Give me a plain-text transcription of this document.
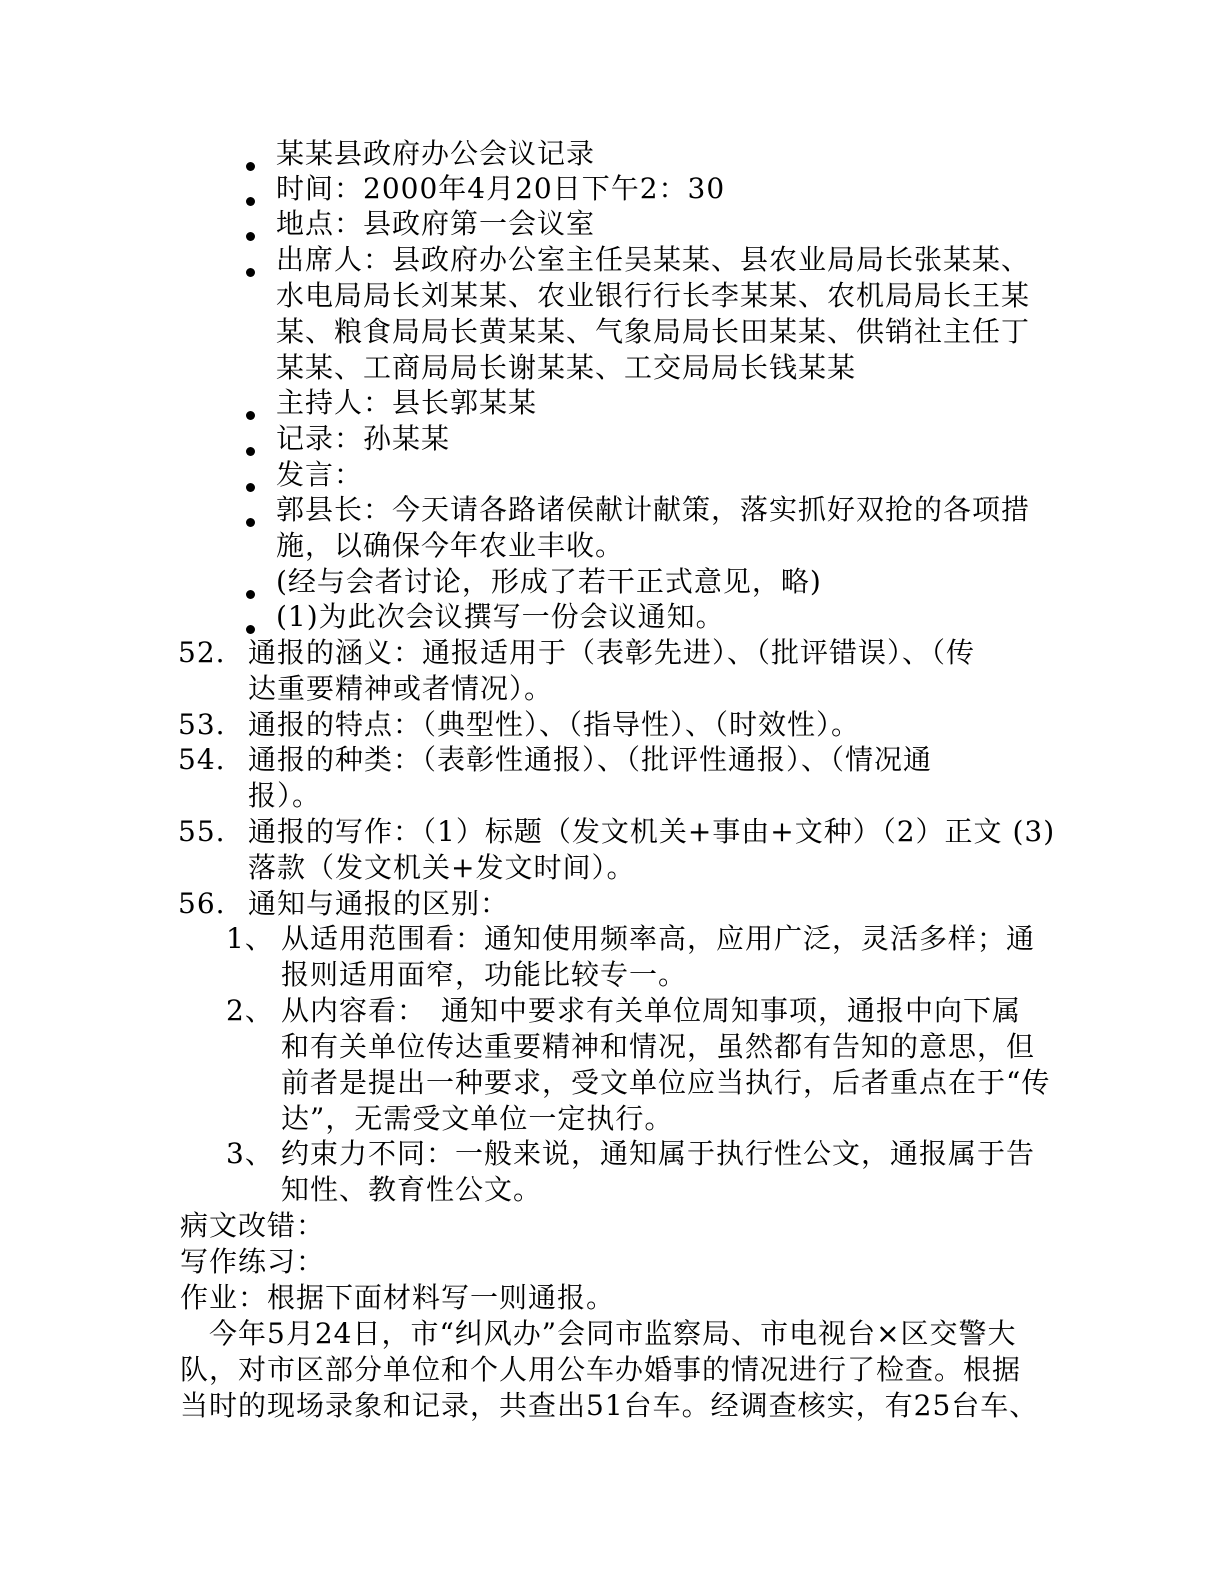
某某县政府办公会议记录
时间：2000年4月20日下午2：30
地点：县政府第一会议室
出席人：县政府办公室主任吴某某、县农业局局长张某某、
水电局局长刘某某、农业银行行长李某某、农机局局长王某
某、粮食局局长黄某某、气象局局长田某某、供销社主任丁
某某、工商局局长谢某某、工交局局长钱某某
主持人：县长郭某某
记录：孙某某
发言：
郭县长：今天请各路诸侯献计献策，落实抓好双抢的各项措
施，以确保今年农业丰收。
(经与会者讨论，形成了若干正式意见，略)
(1)为此次会议撰写一份会议通知。
52. 通报的涵义：通报适用于（表彰先进）、（批评错误）、（传
达重要精神或者情况）。
53. 通报的特点：（典型性）、（指导性）、（时效性）。
54. 通报的种类：（表彰性通报）、（批评性通报）、（情况通
报）。
55. 通报的写作：（1）标题（发文机关+事由+文种）（2）正文 (3)
落款（发文机关+发文时间）。
56. 通知与通报的区别：
1、 从适用范围看：通知使用频率高，应用广泛，灵活多样；通
报则适用面窄，功能比较专一。
2、 从内容看：　通知中要求有关单位周知事项，通报中向下属
和有关单位传达重要精神和情况，虽然都有告知的意思，但
前者是提出一种要求，受文单位应当执行，后者重点在于“传
达”，无需受文单位一定执行。
3、 约束力不同：一般来说，通知属于执行性公文，通报属于告
知性、教育性公文。
病文改错：
写作练习：
作业：根据下面材料写一则通报。
　今年5月24日，市“纠风办”会同市监察局、市电视台×区交警大
队，对市区部分单位和个人用公车办婚事的情况进行了检查。根据
当时的现场录象和记录，共查出51台车。经调查核实，有25台车、
